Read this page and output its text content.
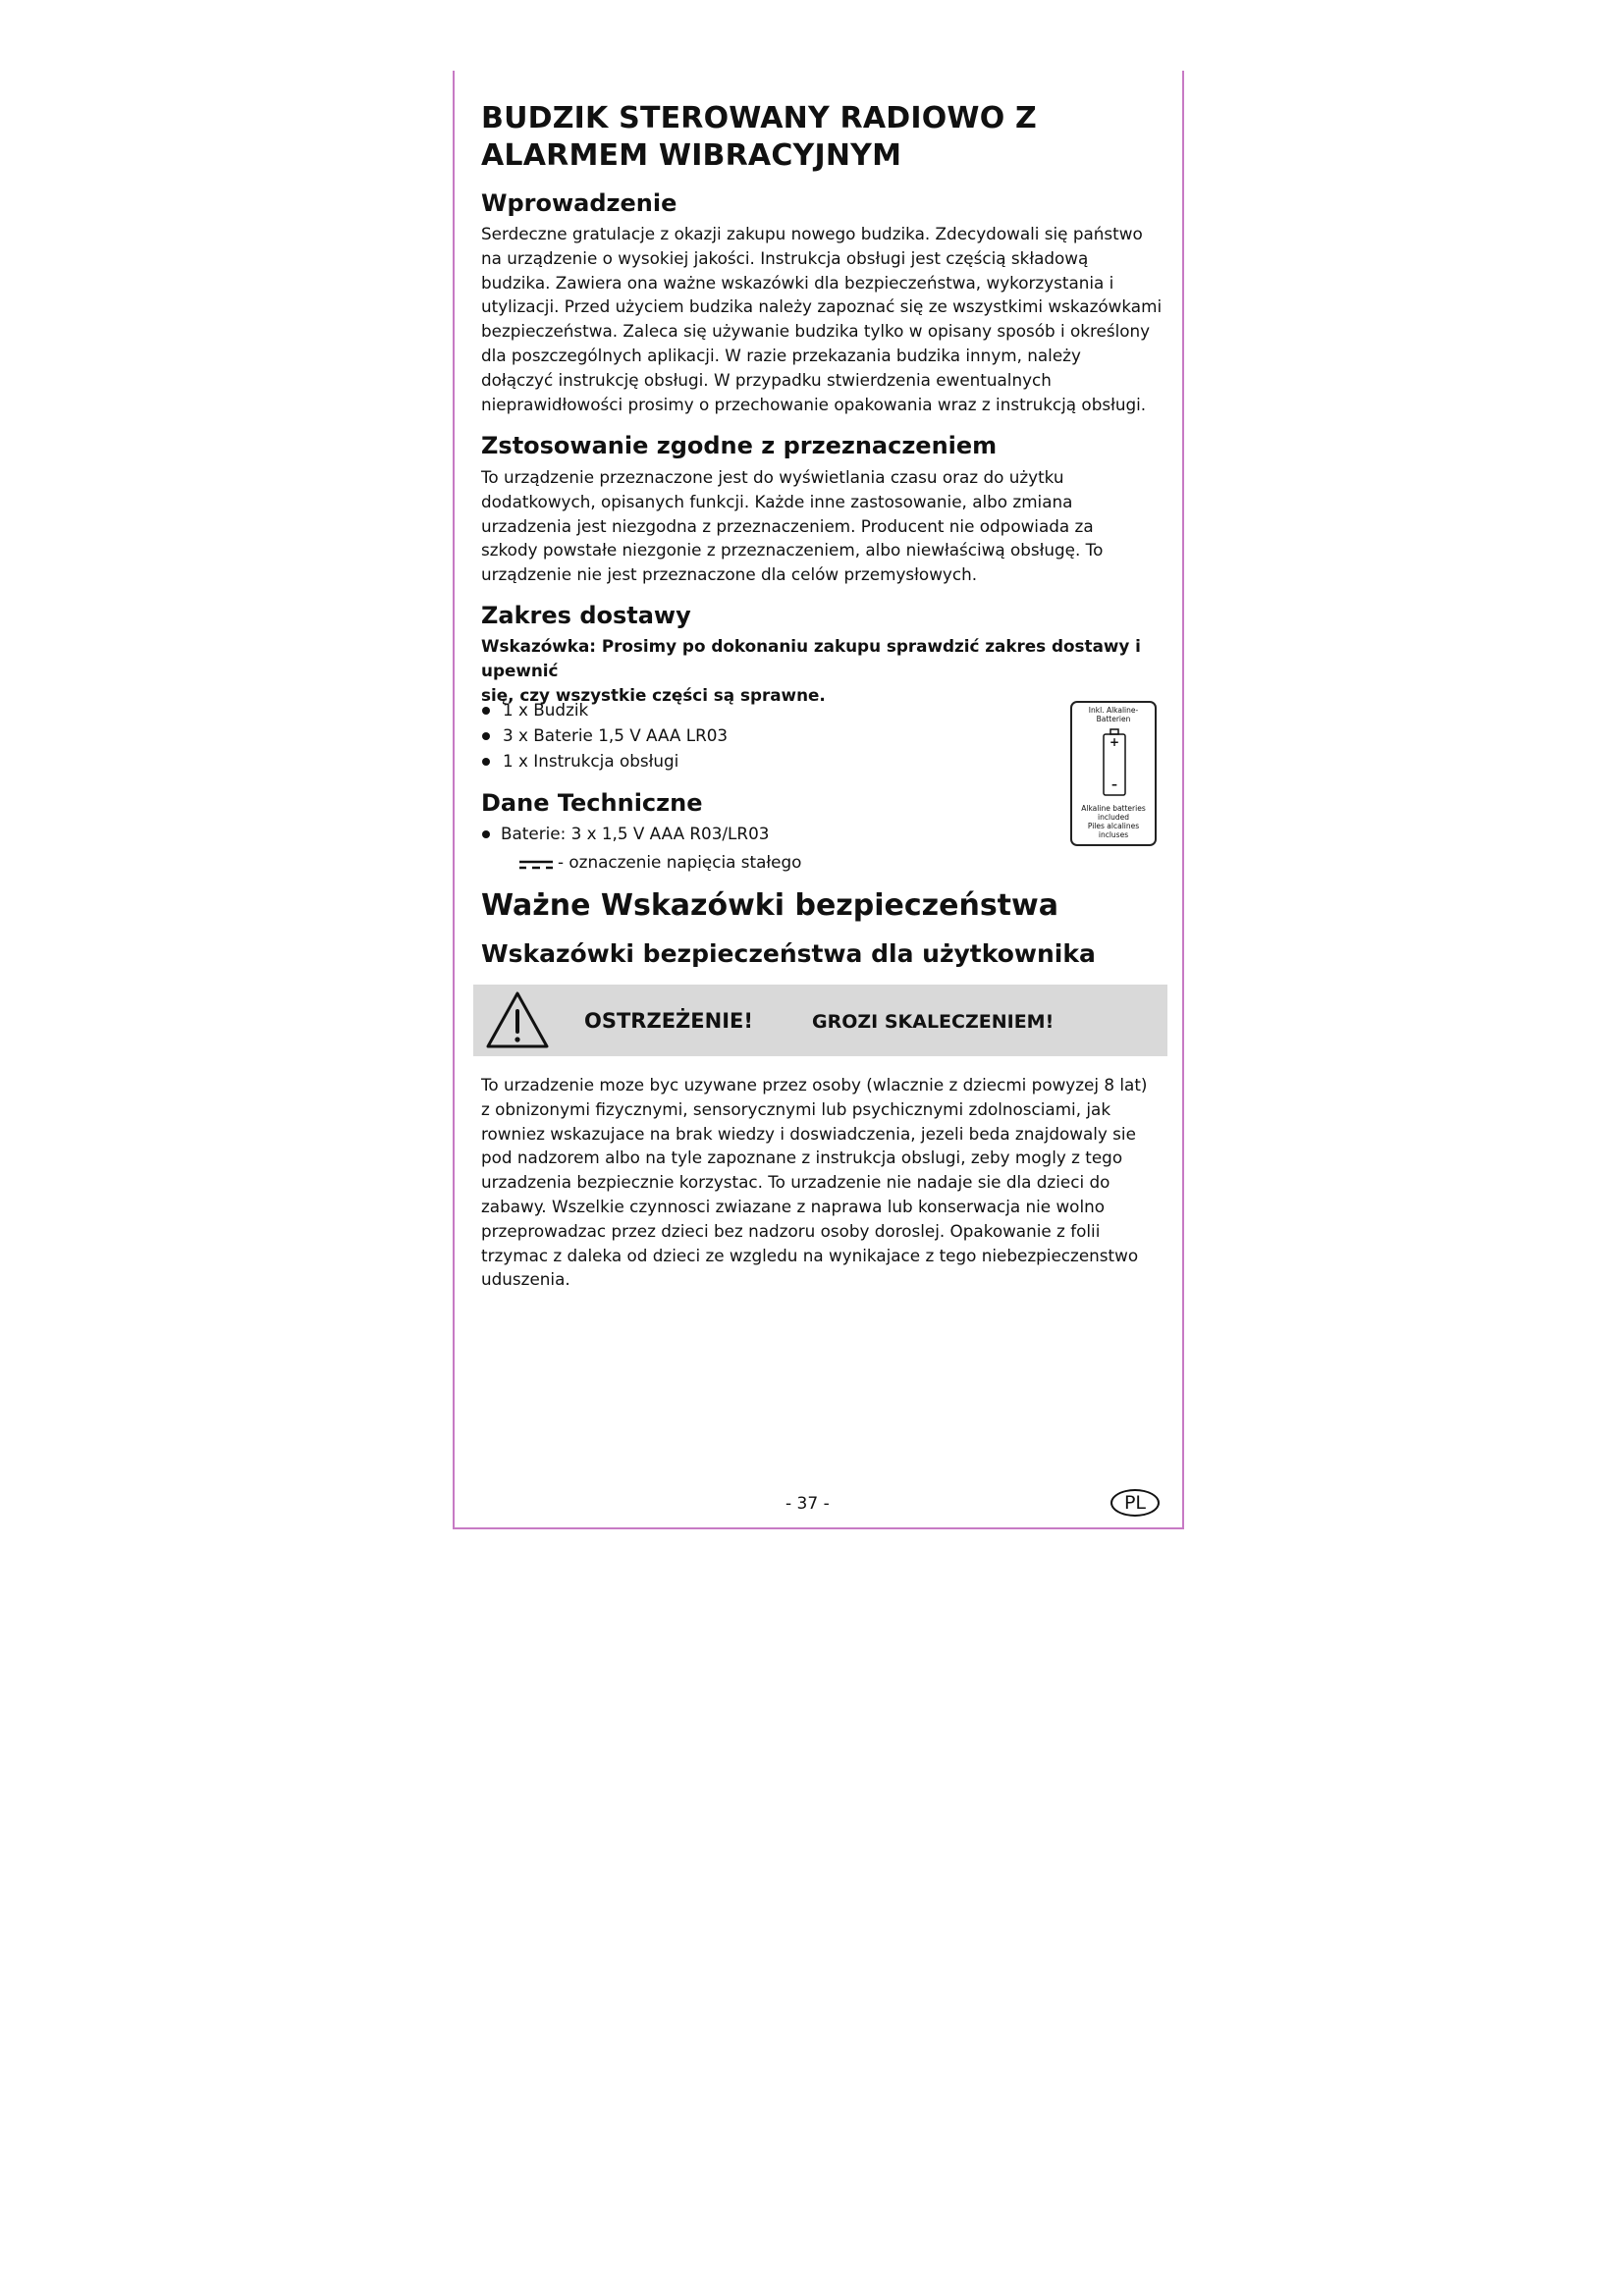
BUDZIK STEROWANY RADIOWO Z ALARMEM WIBRACYJNYM
Wprowadzenie
Serdeczne gratulacje z okazji zakupu nowego budzika. Zdecydowali się państwo
na urządzenie o wysokiej jakości. Instrukcja obsługi jest częścią składową
budzika. Zawiera ona ważne wskazówki dla bezpieczeństwa, wykorzystania i
utylizacji. Przed użyciem budzika należy zapoznać się ze wszystkimi wskazówkami
bezpieczeństwa. Zaleca się używanie budzika tylko w opisany sposób i określony
dla poszczególnych aplikacji. W razie przekazania budzika innym, należy
dołączyć instrukcję obsługi. W przypadku stwierdzenia ewentualnych
nieprawidłowości prosimy o przechowanie opakowania wraz z instrukcją obsługi.
Zstosowanie zgodne z przeznaczeniem
To urządzenie przeznaczone jest do wyświetlania czasu oraz do użytku
dodatkowych, opisanych funkcji. Każde inne zastosowanie, albo zmiana
urzadzenia jest niezgodna z przeznaczeniem. Producent nie odpowiada za
szkody powstałe niezgonie z przeznaczeniem, albo niewłaściwą obsługę. To
urządzenie nie jest przeznaczone dla celów przemysłowych.
Zakres dostawy
Wskazówka: Prosimy po dokonaniu zakupu sprawdzić zakres dostawy i upewnić
się, czy wszystkie części są sprawne.
1 x Budzik
3 x Baterie 1,5 V AAA LR03
1 x Instrukcja obsługi
Inkl. Alkaline-Batterien
+
–
Alkaline batteries included
Piles alcalines incluses
Dane Techniczne
Baterie: 3 x 1,5 V AAA R03/LR03
- oznaczenie napięcia stałego
Ważne Wskazówki bezpieczeństwa
Wskazówki bezpieczeństwa dla użytkownika
OSTRZEŻENIE!	GROZI SKALECZENIEM!
To urzadzenie moze byc uzywane przez osoby (wlacznie z dziecmi powyzej 8 lat)
z obnizonymi fizycznymi, sensorycznymi lub psychicznymi zdolnosciami, jak
rowniez wskazujace na brak wiedzy i doswiadczenia, jezeli beda znajdowaly sie
pod nadzorem albo na tyle zapoznane z instrukcja obslugi, zeby mogly z tego
urzadzenia bezpiecznie korzystac. To urzadzenie nie nadaje sie dla dzieci do
zabawy. Wszelkie czynnosci zwiazane z naprawa lub konserwacja nie wolno
przeprowadzac przez dzieci bez nadzoru osoby doroslej. Opakowanie z folii
trzymac z daleka od dzieci ze wzgledu na wynikajace z tego niebezpieczenstwo
uduszenia.
- 37 -	PL
